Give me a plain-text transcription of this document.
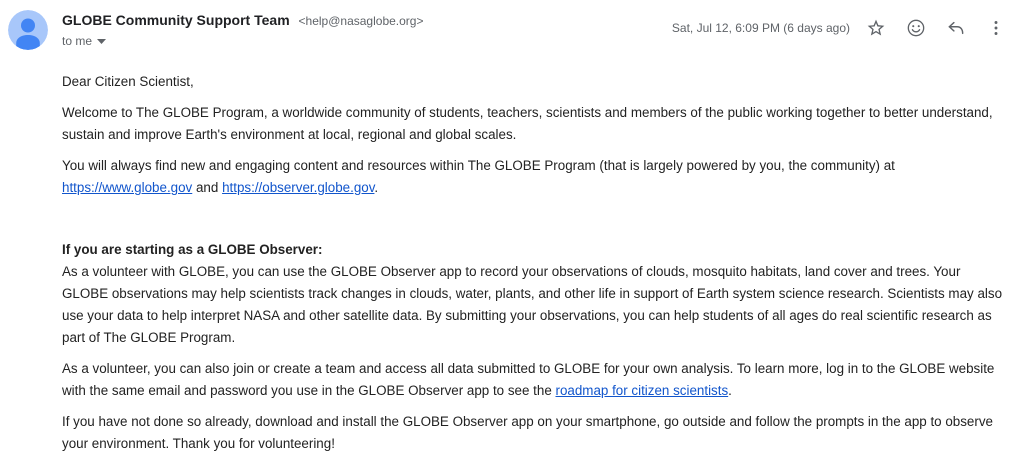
GLOBE Community Support Team <help@nasaglobe.org>
to me
Sat, Jul 12, 6:09 PM (6 days ago)
Dear Citizen Scientist,
Welcome to The GLOBE Program, a worldwide community of students, teachers, scientists and members of the public working together to better understand, sustain and improve Earth's environment at local, regional and global scales.
You will always find new and engaging content and resources within The GLOBE Program (that is largely powered by you, the community) at https://www.globe.gov and https://observer.globe.gov.
If you are starting as a GLOBE Observer:
As a volunteer with GLOBE, you can use the GLOBE Observer app to record your observations of clouds, mosquito habitats, land cover and trees. Your GLOBE observations may help scientists track changes in clouds, water, plants, and other life in support of Earth system science research. Scientists may also use your data to help interpret NASA and other satellite data. By submitting your observations, you can help students of all ages do real scientific research as part of The GLOBE Program.
As a volunteer, you can also join or create a team and access all data submitted to GLOBE for your own analysis. To learn more, log in to the GLOBE website with the same email and password you use in the GLOBE Observer app to see the roadmap for citizen scientists.
If you have not done so already, download and install the GLOBE Observer app on your smartphone, go outside and follow the prompts in the app to observe your environment. Thank you for volunteering!
